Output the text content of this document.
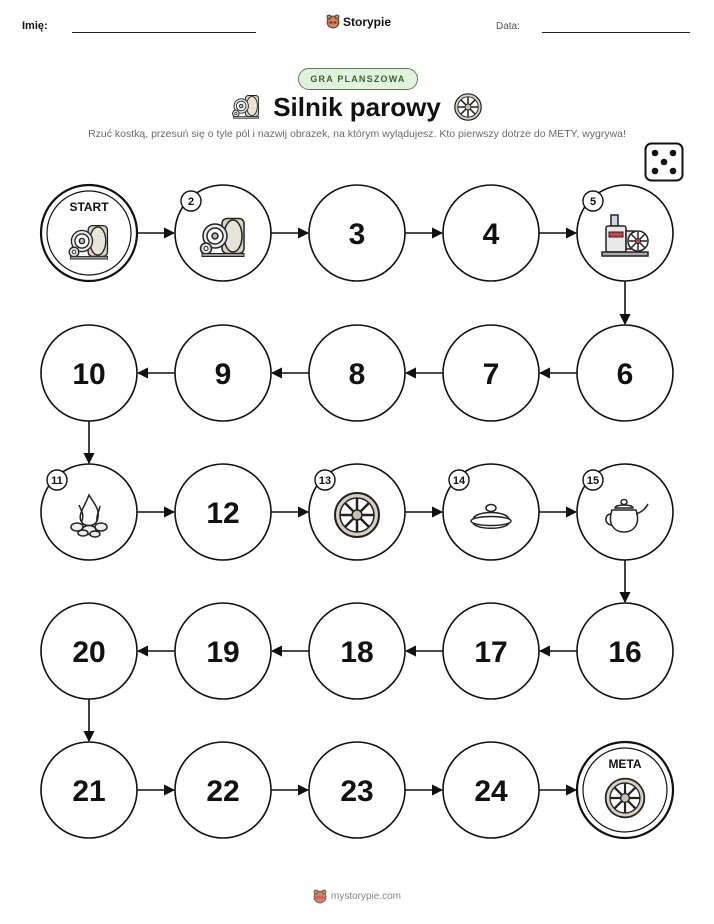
Imię:	Storypie	Data:
GRA PLANSZOWA
Silnik parowy
Rzuć kostką, przesuń się o tyle pól i nazwij obrazek, na którym wylądujesz. Kto pierwszy dotrze do METY, wygrywa!
START	2
3	4
5
6
7
8
9
10
11
12
13	14	15
16
17
18
19
20
21	22	23	24
META
mystorypie.com
